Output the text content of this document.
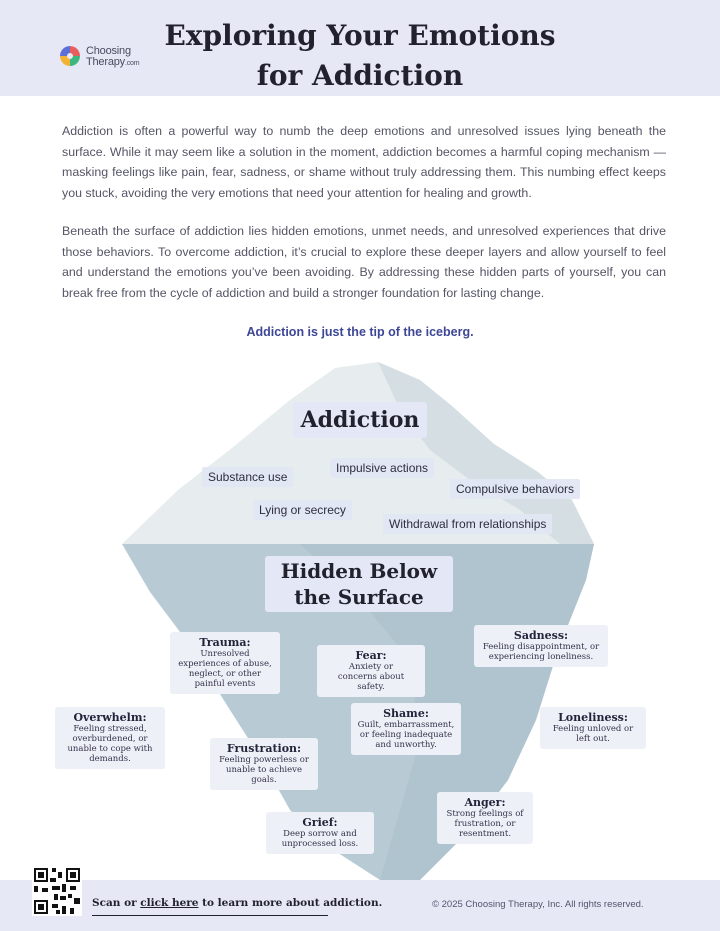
Choosing
Therapy.com
Exploring Your Emotions
for Addiction
Addiction is often a powerful way to numb the deep emotions and unresolved issues lying beneath the surface. While it may seem like a solution in the moment, addiction becomes a harmful coping mechanism —masking feelings like pain, fear, sadness, or shame without truly addressing them. This numbing effect keeps you stuck, avoiding the very emotions that need your attention for healing and growth.
Beneath the surface of addiction lies hidden emotions, unmet needs, and unresolved experiences that drive those behaviors. To overcome addiction, it’s crucial to explore these deeper layers and allow yourself to feel and understand the emotions you’ve been avoiding. By addressing these hidden parts of yourself, you can break free from the cycle of addiction and build a stronger foundation for lasting change.
Addiction is just the tip of the iceberg.
Addiction
Substance use
Impulsive actions
Compulsive behaviors
Lying or secrecy
Withdrawal from relationships
Hidden Below
the Surface
Trauma:
Unresolved experiences of abuse, neglect, or other painful events
Fear:
Anxiety or concerns about safety.
Sadness:
Feeling disappointment, or experiencing loneliness.
Overwhelm:
Feeling stressed, overburdened, or unable to cope with demands.
Shame:
Guilt, embarrassment, or feeling inadequate and unworthy.
Loneliness:
Feeling unloved or left out.
Frustration:
Feeling powerless or unable to achieve goals.
Anger:
Strong feelings of frustration, or resentment.
Grief:
Deep sorrow and unprocessed loss.
Scan or click here to learn more about addiction.	© 2025 Choosing Therapy, Inc. All rights reserved.
